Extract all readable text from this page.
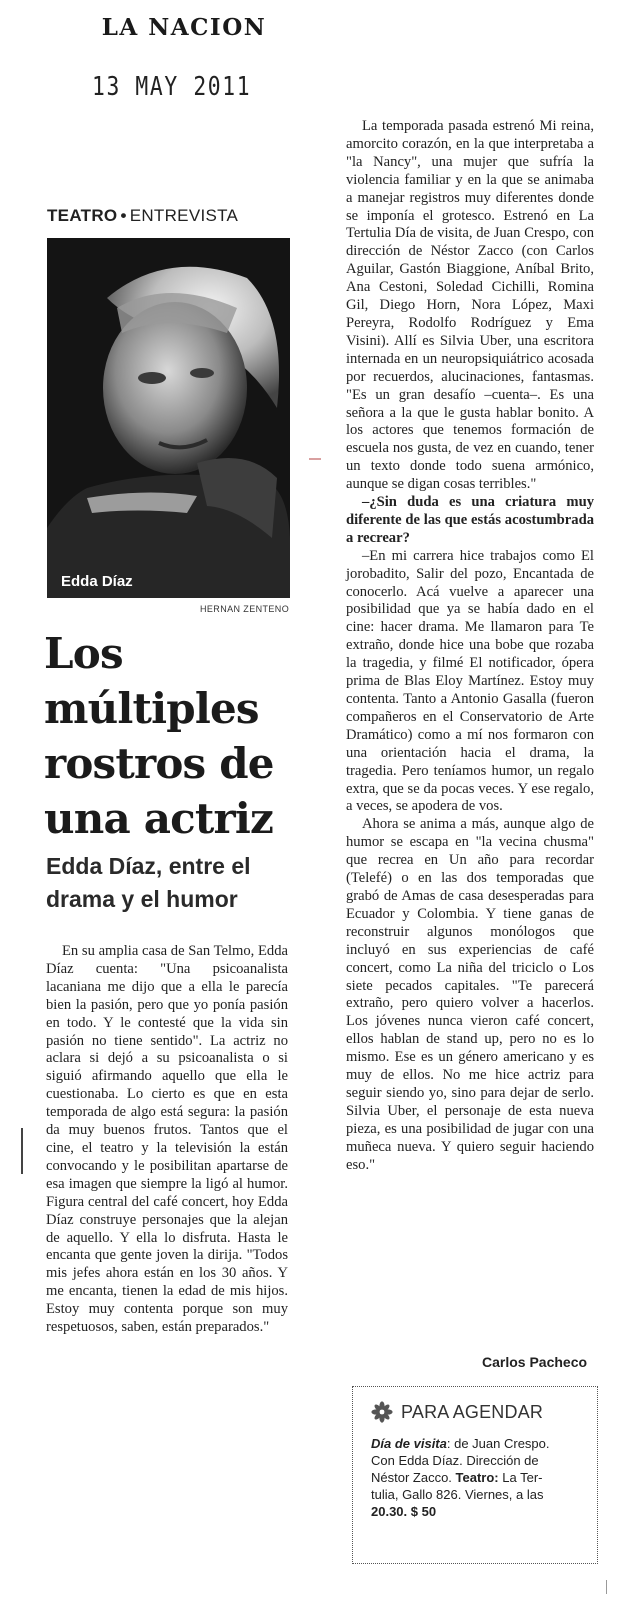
LA NACION
13 MAY 2011
TEATRO • ENTREVISTA
Edda Díaz
HERNAN ZENTENO
Los
múltiples
rostros de
una actriz
Edda Díaz, entre el
drama y el humor

En su amplia casa de San Telmo, Edda Díaz cuenta: "Una psicoanalista lacaniana me dijo que a ella le parecía bien la pasión, pero que yo ponía pasión en todo. Y le contesté que la vida sin pasión no tiene sentido". La actriz no aclara si dejó a su psicoanalista o si siguió afirmando aquello que ella le cuestionaba. Lo cierto es que en esta temporada de algo está segura: la pasión da muy buenos frutos. Tantos que el cine, el teatro y la televisión la están convocando y le posibilitan apartarse de esa imagen que siempre la ligó al humor. Figura central del café concert, hoy Edda Díaz construye personajes que la alejan de aquello. Y ella lo disfruta. Hasta le encanta que gente joven la dirija. "Todos mis jefes ahora están en los 30 años. Y me encanta, tienen la edad de mis hijos. Estoy muy contenta porque son muy respetuosos, saben, están preparados."

La temporada pasada estrenó Mi reina, amorcito corazón, en la que interpretaba a "la Nancy", una mujer que sufría la violencia familiar y en la que se animaba a manejar registros muy diferentes donde se imponía el grotesco. Estrenó en La Tertulia Día de visita, de Juan Crespo, con dirección de Néstor Zacco (con Carlos Aguilar, Gastón Biaggione, Aníbal Brito, Ana Cestoni, Soledad Cichilli, Romina Gil, Diego Horn, Nora López, Maxi Pereyra, Rodolfo Rodríguez y Ema Visini). Allí es Silvia Uber, una escritora internada en un neuropsiquiátrico acosada por recuerdos, alucinaciones, fantasmas. "Es un gran desafío –cuenta–. Es una señora a la que le gusta hablar bonito. A los actores que tenemos formación de escuela nos gusta, de vez en cuando, tener un texto donde todo suena armónico, aunque se digan cosas terribles."

–¿Sin duda es una criatura muy diferente de las que estás acostumbrada a recrear?

–En mi carrera hice trabajos como El jorobadito, Salir del pozo, Encantada de conocerlo. Acá vuelve a aparecer una posibilidad que ya se había dado en el cine: hacer drama. Me llamaron para Te extraño, donde hice una bobe que rozaba la tragedia, y filmé El notificador, ópera prima de Blas Eloy Martínez. Estoy muy contenta. Tanto a Antonio Gasalla (fueron compañeros en el Conservatorio de Arte Dramático) como a mí nos formaron con una orientación hacia el drama, la tragedia. Pero teníamos humor, un regalo extra, que se da pocas veces. Y ese regalo, a veces, se apodera de vos.

Ahora se anima a más, aunque algo de humor se escapa en "la vecina chusma" que recrea en Un año para recordar (Telefé) o en las dos temporadas que grabó de Amas de casa desesperadas para Ecuador y Colombia. Y tiene ganas de reconstruir algunos monólogos que incluyó en sus experiencias de café concert, como La niña del triciclo o Los siete pecados capitales. "Te parecerá extraño, pero quiero volver a hacerlos. Los jóvenes nunca vieron café concert, ellos hablan de stand up, pero no es lo mismo. Ese es un género americano y es muy de ellos. No me hice actriz para seguir siendo yo, sino para dejar de serlo. Silvia Uber, el personaje de esta nueva pieza, es una posibilidad de jugar con una muñeca nueva. Y quiero seguir haciendo eso."

Carlos Pacheco
PARA AGENDAR
Día de visita: de Juan Crespo.
Con Edda Díaz. Dirección de
Néstor Zacco. Teatro: La Ter-
tulia, Gallo 826. Viernes, a las
20.30. $ 50
